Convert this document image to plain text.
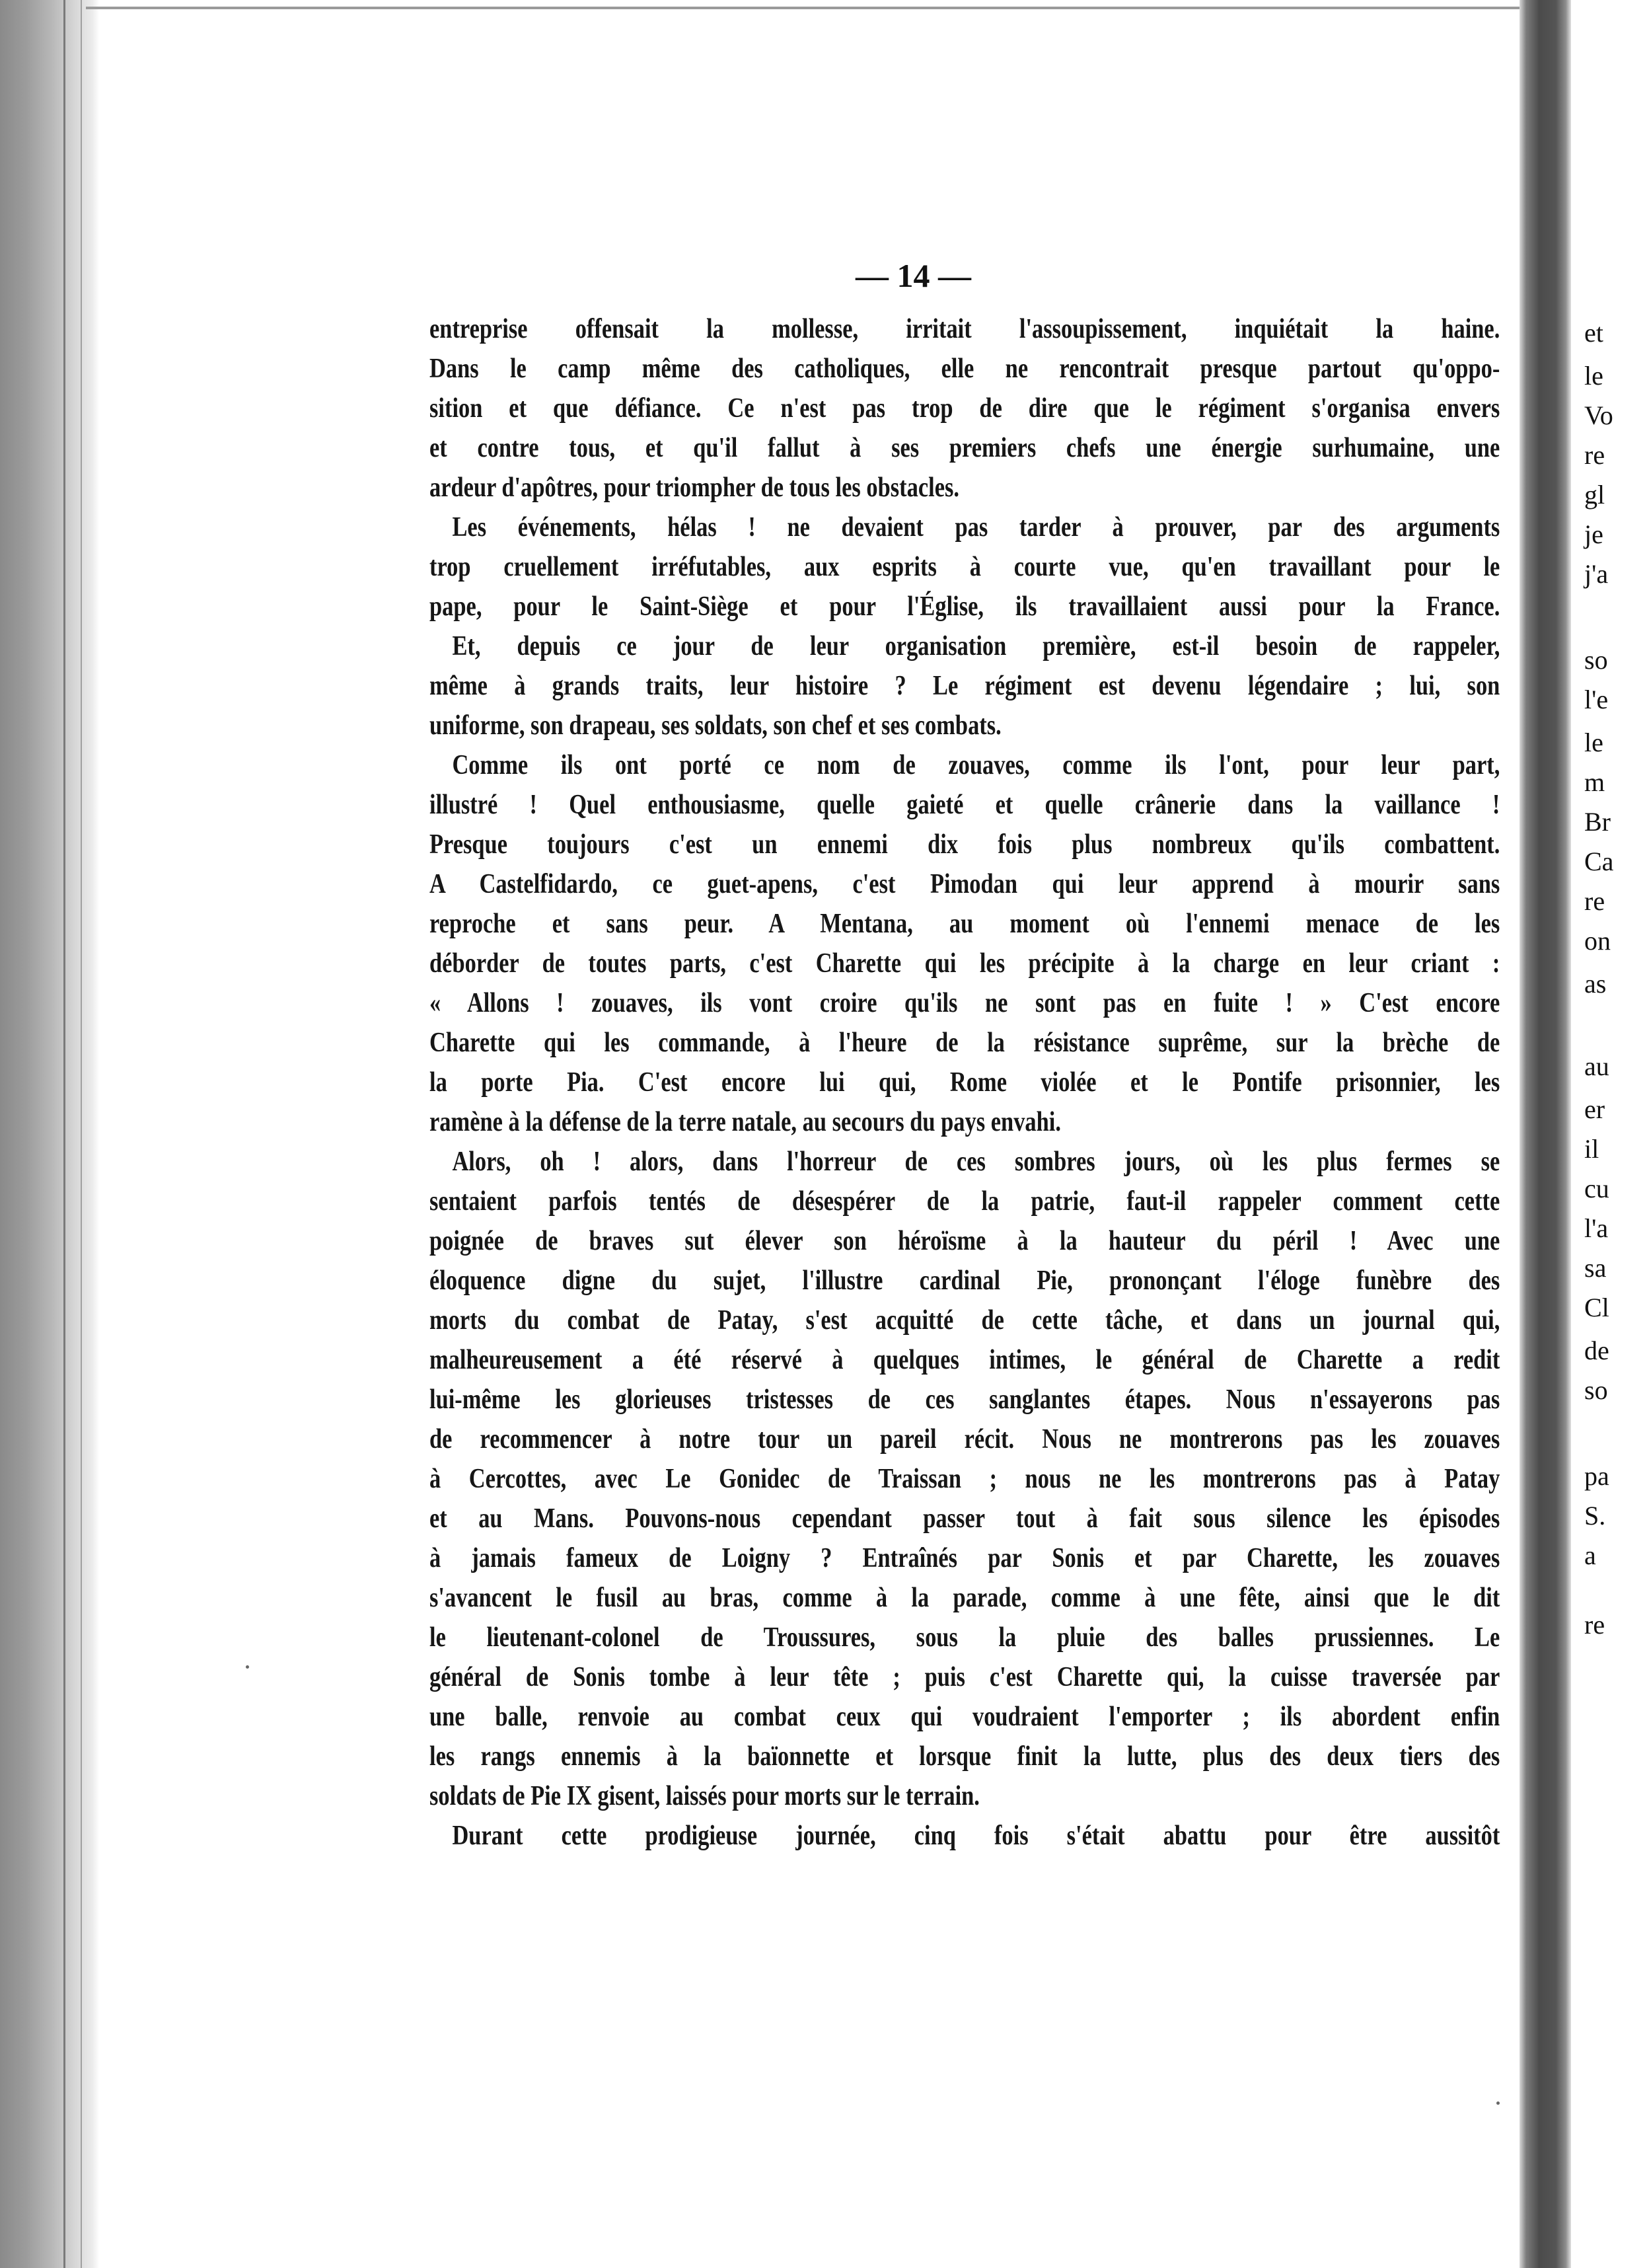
— 14 —
entreprise offensait la mollesse, irritait l'assoupissement, inquiétait la haine.
Dans le camp même des catholiques, elle ne rencontrait presque partout qu'oppo-
sition et que défiance. Ce n'est pas trop de dire que le régiment s'organisa envers
et contre tous, et qu'il fallut à ses premiers chefs une énergie surhumaine, une
ardeur d'apôtres, pour triompher de tous les obstacles.
Les événements, hélas ! ne devaient pas tarder à prouver, par des arguments
trop cruellement irréfutables, aux esprits à courte vue, qu'en travaillant pour le
pape, pour le Saint-Siège et pour l'Église, ils travaillaient aussi pour la France.
Et, depuis ce jour de leur organisation première, est-il besoin de rappeler,
même à grands traits, leur histoire ? Le régiment est devenu légendaire ; lui, son
uniforme, son drapeau, ses soldats, son chef et ses combats.
Comme ils ont porté ce nom de zouaves, comme ils l'ont, pour leur part,
illustré ! Quel enthousiasme, quelle gaieté et quelle crânerie dans la vaillance !
Presque toujours c'est un ennemi dix fois plus nombreux qu'ils combattent.
A Castelfidardo, ce guet-apens, c'est Pimodan qui leur apprend à mourir sans
reproche et sans peur. A Mentana, au moment où l'ennemi menace de les
déborder de toutes parts, c'est Charette qui les précipite à la charge en leur criant :
« Allons ! zouaves, ils vont croire qu'ils ne sont pas en fuite ! » C'est encore
Charette qui les commande, à l'heure de la résistance suprême, sur la brèche de
la porte Pia. C'est encore lui qui, Rome violée et le Pontife prisonnier, les
ramène à la défense de la terre natale, au secours du pays envahi.
Alors, oh ! alors, dans l'horreur de ces sombres jours, où les plus fermes se
sentaient parfois tentés de désespérer de la patrie, faut-il rappeler comment cette
poignée de braves sut élever son héroïsme à la hauteur du péril ! Avec une
éloquence digne du sujet, l'illustre cardinal Pie, prononçant l'éloge funèbre des
morts du combat de Patay, s'est acquitté de cette tâche, et dans un journal qui,
malheureusement a été réservé à quelques intimes, le général de Charette a redit
lui-même les glorieuses tristesses de ces sanglantes étapes. Nous n'essayerons pas
de recommencer à notre tour un pareil récit. Nous ne montrerons pas les zouaves
à Cercottes, avec Le Gonidec de Traissan ; nous ne les montrerons pas à Patay
et au Mans. Pouvons-nous cependant passer tout à fait sous silence les épisodes
à jamais fameux de Loigny ? Entraînés par Sonis et par Charette, les zouaves
s'avancent le fusil au bras, comme à la parade, comme à une fête, ainsi que le dit
le lieutenant-colonel de Troussures, sous la pluie des balles prussiennes. Le
général de Sonis tombe à leur tête ; puis c'est Charette qui, la cuisse traversée par
une balle, renvoie au combat ceux qui voudraient l'emporter ; ils abordent enfin
les rangs ennemis à la baïonnette et lorsque finit la lutte, plus des deux tiers des
soldats de Pie IX gisent, laissés pour morts sur le terrain.
Durant cette prodigieuse journée, cinq fois s'était abattu pour être aussitôt
et
le
Vo
re
gl
je
j'a
so
l'e
le
m
Br
Ca
re
on
as
au
er
il
cu
l'a
sa
Cl
de
so
pa
S.
a
re
